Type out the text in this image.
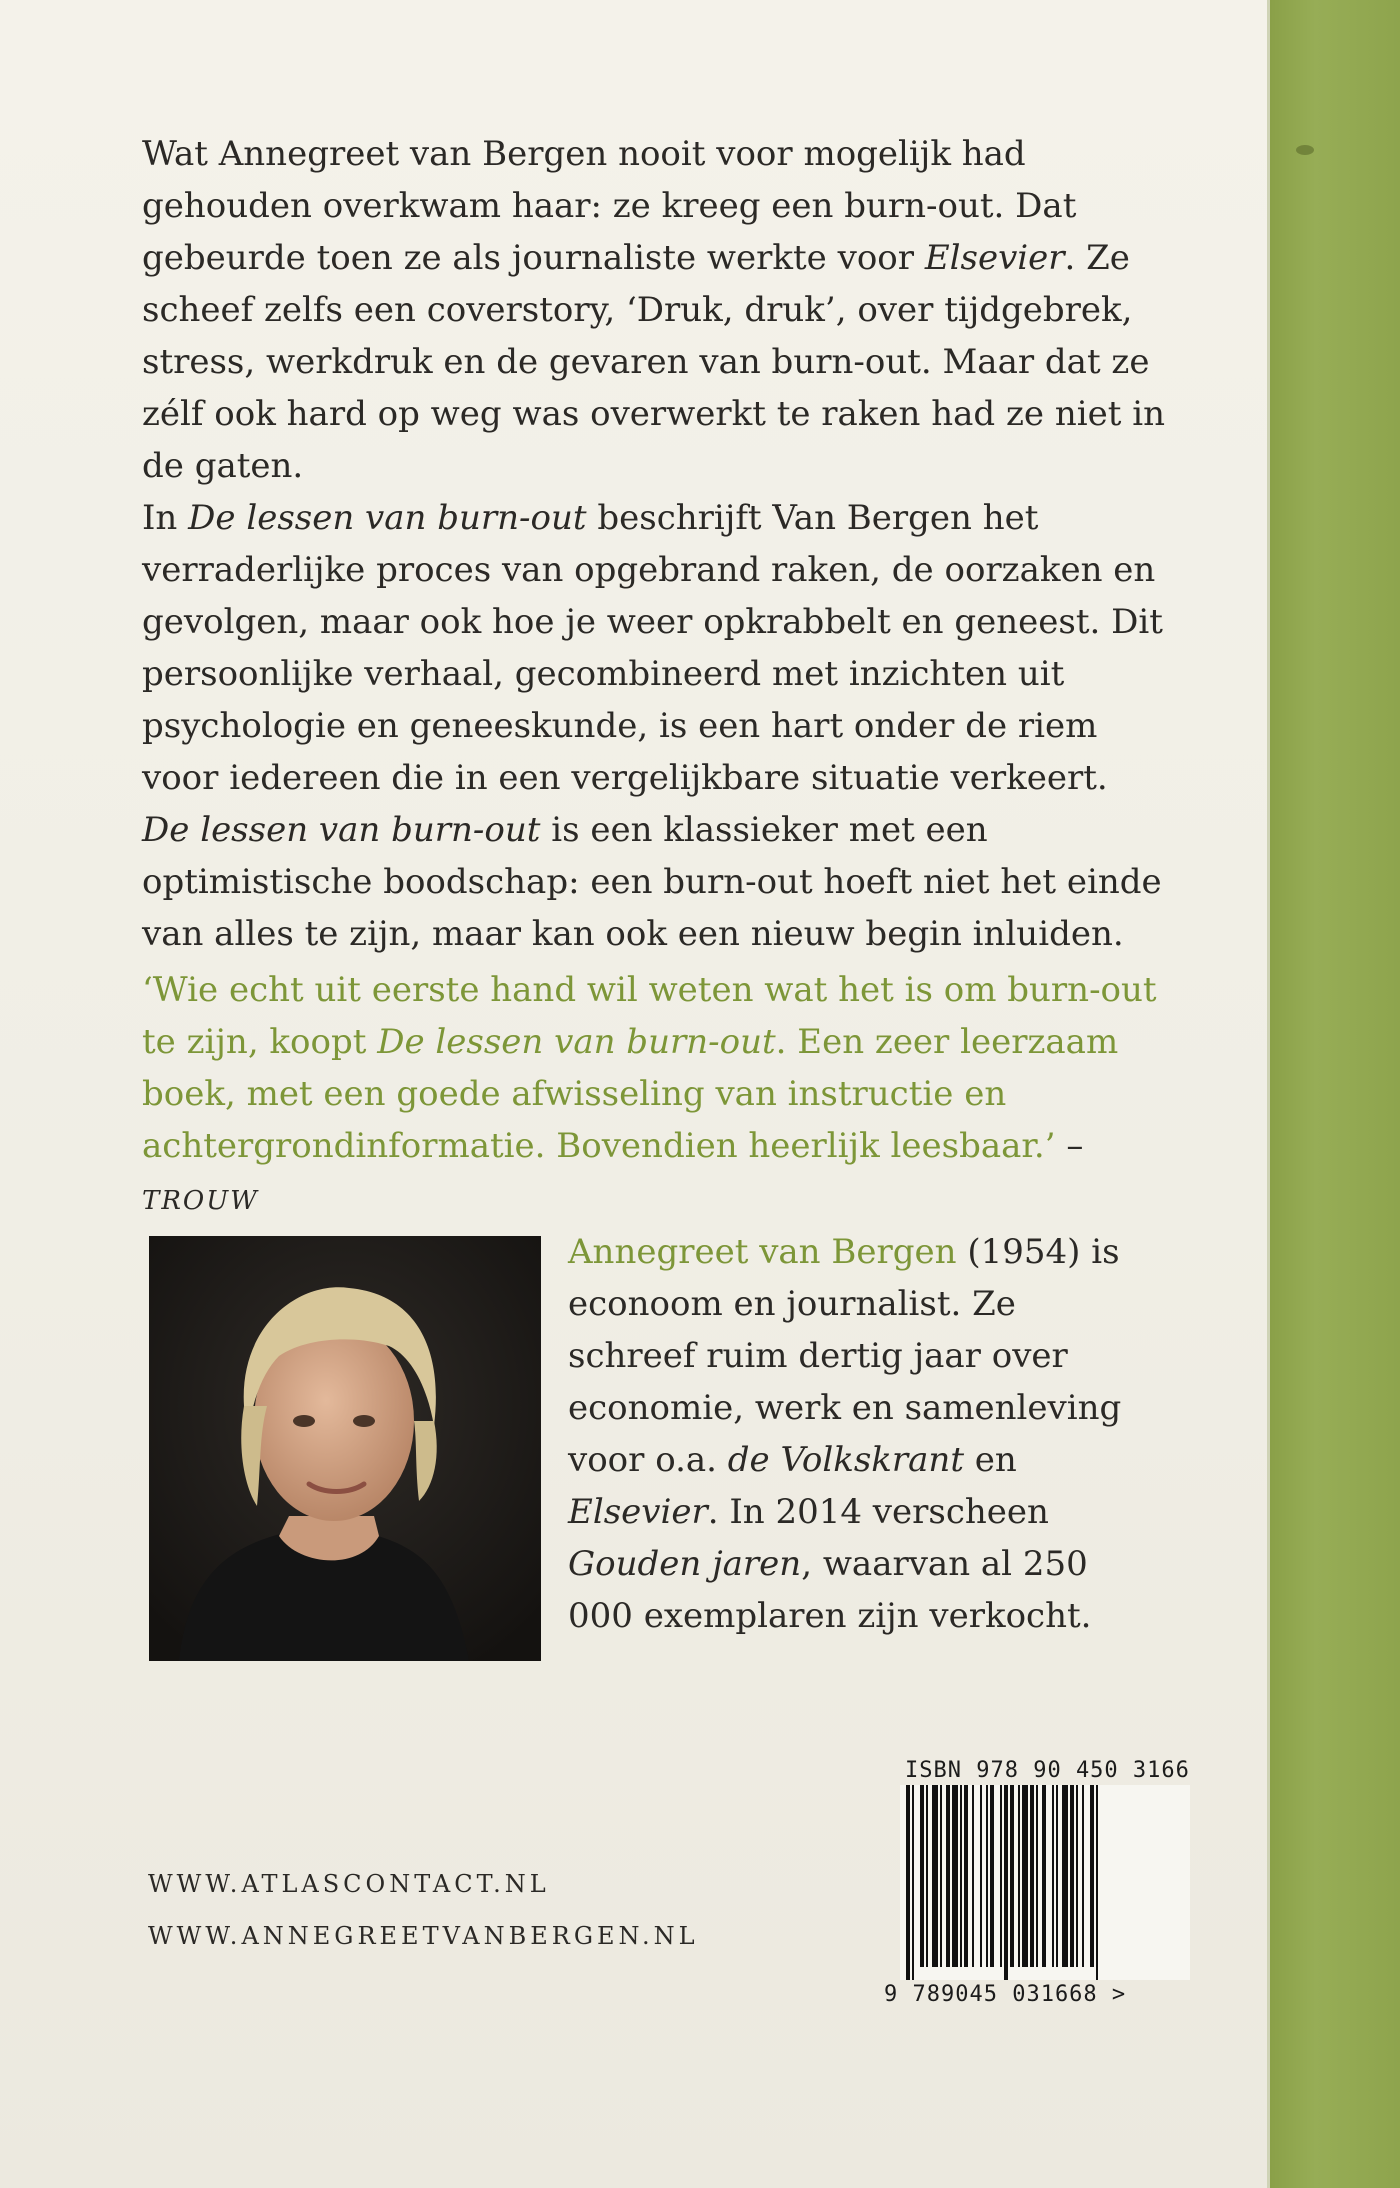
Wat Annegreet van Bergen nooit voor mogelijk had gehouden overkwam haar: ze kreeg een burn-out. Dat gebeurde toen ze als journaliste werkte voor Elsevier. Ze scheef zelfs een coverstory, ‘Druk, druk’, over tijdgebrek, stress, werkdruk en de gevaren van burn-out. Maar dat ze zélf ook hard op weg was overwerkt te raken had ze niet in de gaten.

In De lessen van burn-out beschrijft Van Bergen het verraderlijke proces van opgebrand raken, de oorzaken en gevolgen, maar ook hoe je weer opkrabbelt en geneest. Dit persoonlijke verhaal, gecombineerd met inzichten uit psychologie en geneeskunde, is een hart onder de riem voor iedereen die in een vergelijkbare situatie verkeert.

De lessen van burn-out is een klassieker met een optimistische boodschap: een burn-out hoeft niet het einde van alles te zijn, maar kan ook een nieuw begin inluiden.

‘Wie echt uit eerste hand wil weten wat het is om burn-out te zijn, koopt De lessen van burn-out. Een zeer leerzaam boek, met een goede afwisseling van instructie en achtergrondinformatie. Bovendien heerlijk leesbaar.’ – TROUW
Annegreet van Bergen (1954) is econoom en journalist. Ze schreef ruim dertig jaar over economie, werk en samenleving voor o.a. de Volkskrant en Elsevier. In 2014 verscheen Gouden jaren, waarvan al 250 000 exemplaren zijn verkocht.
ISBN 978 90 450 3166
9 789045 031668 >
WWW.ATLASCONTACT.NL
WWW.ANNEGREETVANBERGEN.NL
